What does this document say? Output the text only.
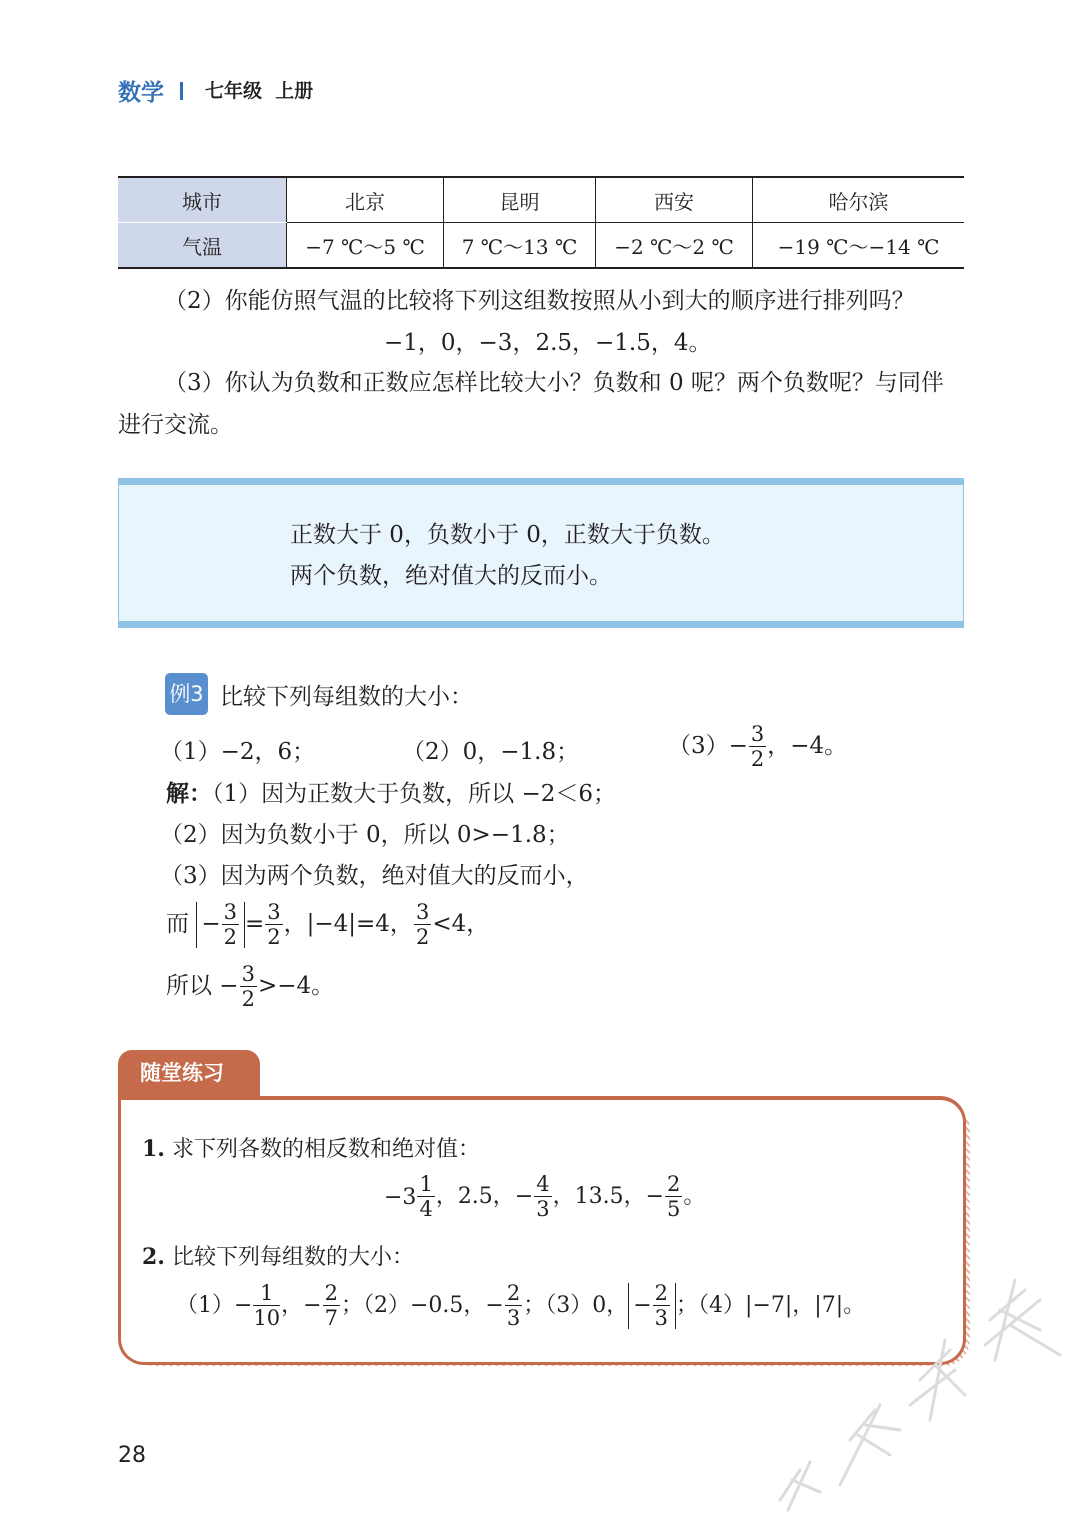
数学 七年级  上册
城市	北京	昆明	西安	哈尔滨
气温	−7 ℃～5 ℃	7 ℃～13 ℃	−2 ℃～2 ℃	−19 ℃～−14 ℃
（2）你能仿照气温的比较将下列这组数按照从小到大的顺序进行排列吗？
−1，0，−3，2.5，−1.5，4。
（3）你认为负数和正数应怎样比较大小？负数和 0 呢？两个负数呢？与同伴进行交流。
正数大于 0，负数小于 0，正数大于负数。
两个负数，绝对值大的反而小。
例3 比较下列每组数的大小：
（1）−2，6；	（2）0，−1.8；	$(3)- \frac{3}{2}$ ，−4。
解：（1）因为正数大于负数，所以 −2＜6；
（2）因为负数小于 0，所以 0>−1.8；
（3）因为两个负数，绝对值大的反而小，
而 − $\frac{3}{2} = \frac{3}{2}$ ，|−4|=4， $\frac{3}{2} <4$，
所以 − $\frac{3}{2} >-4$。
随堂练习
1. 求下列各数的相反数和绝对值：
$-3 \frac{1}{4}$ ，2.5，− $\frac{4}{3}$ ，13.5，− $\frac{2}{5}$ 。
2. 比较下列每组数的大小：
$(1)- \frac{1}{10}$ ，− $\frac{2}{7}$ ；（2）−0.5，− $\frac{2}{3}$ ；（3）0， − $\frac{2}{3}$ ；（4）|−7|，|7|。
28
